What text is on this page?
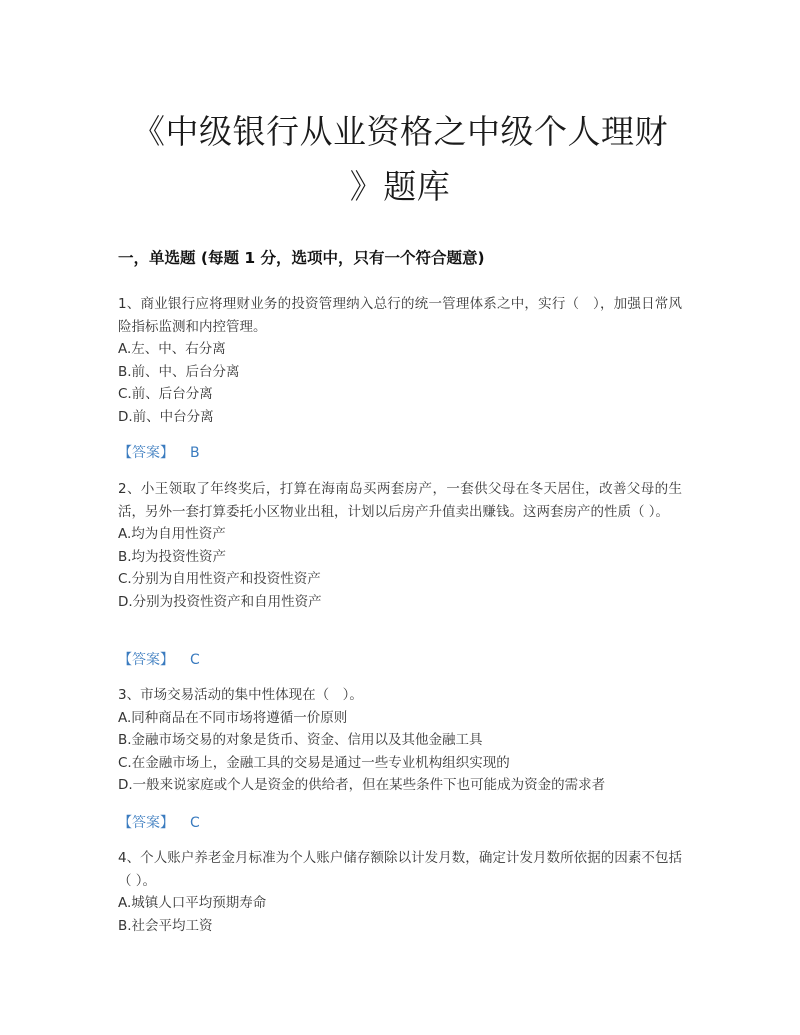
《中级银行从业资格之中级个人理财
》题库
一，单选题 (每题 1 分，选项中，只有一个符合题意)

1、商业银行应将理财业务的投资管理纳入总行的统一管理体系之中，实行（　），加强日常风险指标监测和内控管理。

A.左、中、右分离

B.前、中、后台分离

C.前、后台分离

D.前、中台分离

【答案】 B

2、小王领取了年终奖后，打算在海南岛买两套房产，一套供父母在冬天居住，改善父母的生活，另外一套打算委托小区物业出租，计划以后房产升值卖出赚钱。这两套房产的性质（ ）。

A.均为自用性资产

B.均为投资性资产

C.分别为自用性资产和投资性资产

D.分别为投资性资产和自用性资产

【答案】 C

3、市场交易活动的集中性体现在（　）。

A.同种商品在不同市场将遵循一价原则

B.金融市场交易的对象是货币、资金、信用以及其他金融工具

C.在金融市场上，金融工具的交易是通过一些专业机构组织实现的

D.一般来说家庭或个人是资金的供给者，但在某些条件下也可能成为资金的需求者

【答案】 C

4、个人账户养老金月标准为个人账户储存额除以计发月数，确定计发月数所依据的因素不包括（ ）。

A.城镇人口平均预期寿命

B.社会平均工资
